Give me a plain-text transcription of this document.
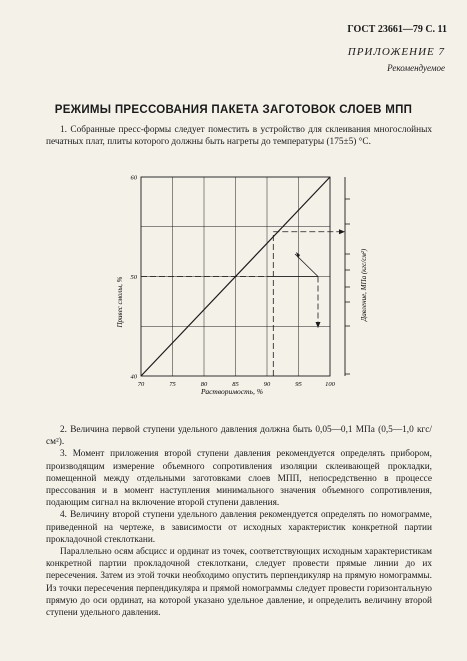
ГОСТ 23661—79 С. 11
ПРИЛОЖЕНИЕ 7
Рекомендуемое
РЕЖИМЫ ПРЕССОВАНИЯ ПАКЕТА ЗАГОТОВОК СЛОЕВ МПП

1. Собранные пресс-формы следует поместить в устройство для склеивания многослойных печатных плат, плиты которого должны быть нагреты до температуры (175±5) °С.

70	75	80	85	90	95	100
40
50
60
Привес смолы, %
Растворимость, %
Давление, МПа (кгс/см²)

2. Величина первой ступени удельного давления должна быть 0,05—0,1 МПа (0,5—1,0 кгс/см²).

3. Момент приложения второй ступени давления рекомендуется определять прибором, производящим измерение объемного сопротивления изоляции склеивающей прокладки, помещенной между отдельными заготовками слоев МПП, непосредственно в процессе прессования и в момент наступления минимального значения объемного сопротивления, подающим сигнал на включение второй ступени давления.

4. Величину второй ступени удельного давления рекомендуется определять по номограмме, приведенной на чертеже, в зависимости от исходных характеристик конкретной партии прокладочной стеклоткани.

Параллельно осям абсцисс и ординат из точек, соответствующих исходным характеристикам конкретной партии прокладочной стеклоткани, следует провести прямые линии до их пересечения. Затем из этой точки необходимо опустить перпендикуляр на прямую номограммы. Из точки пересечения перпендикуляра и прямой номограммы следует провести горизонтальную прямую до оси ординат, на которой указано удельное давление, и определить величину второй ступени удельного давления.
